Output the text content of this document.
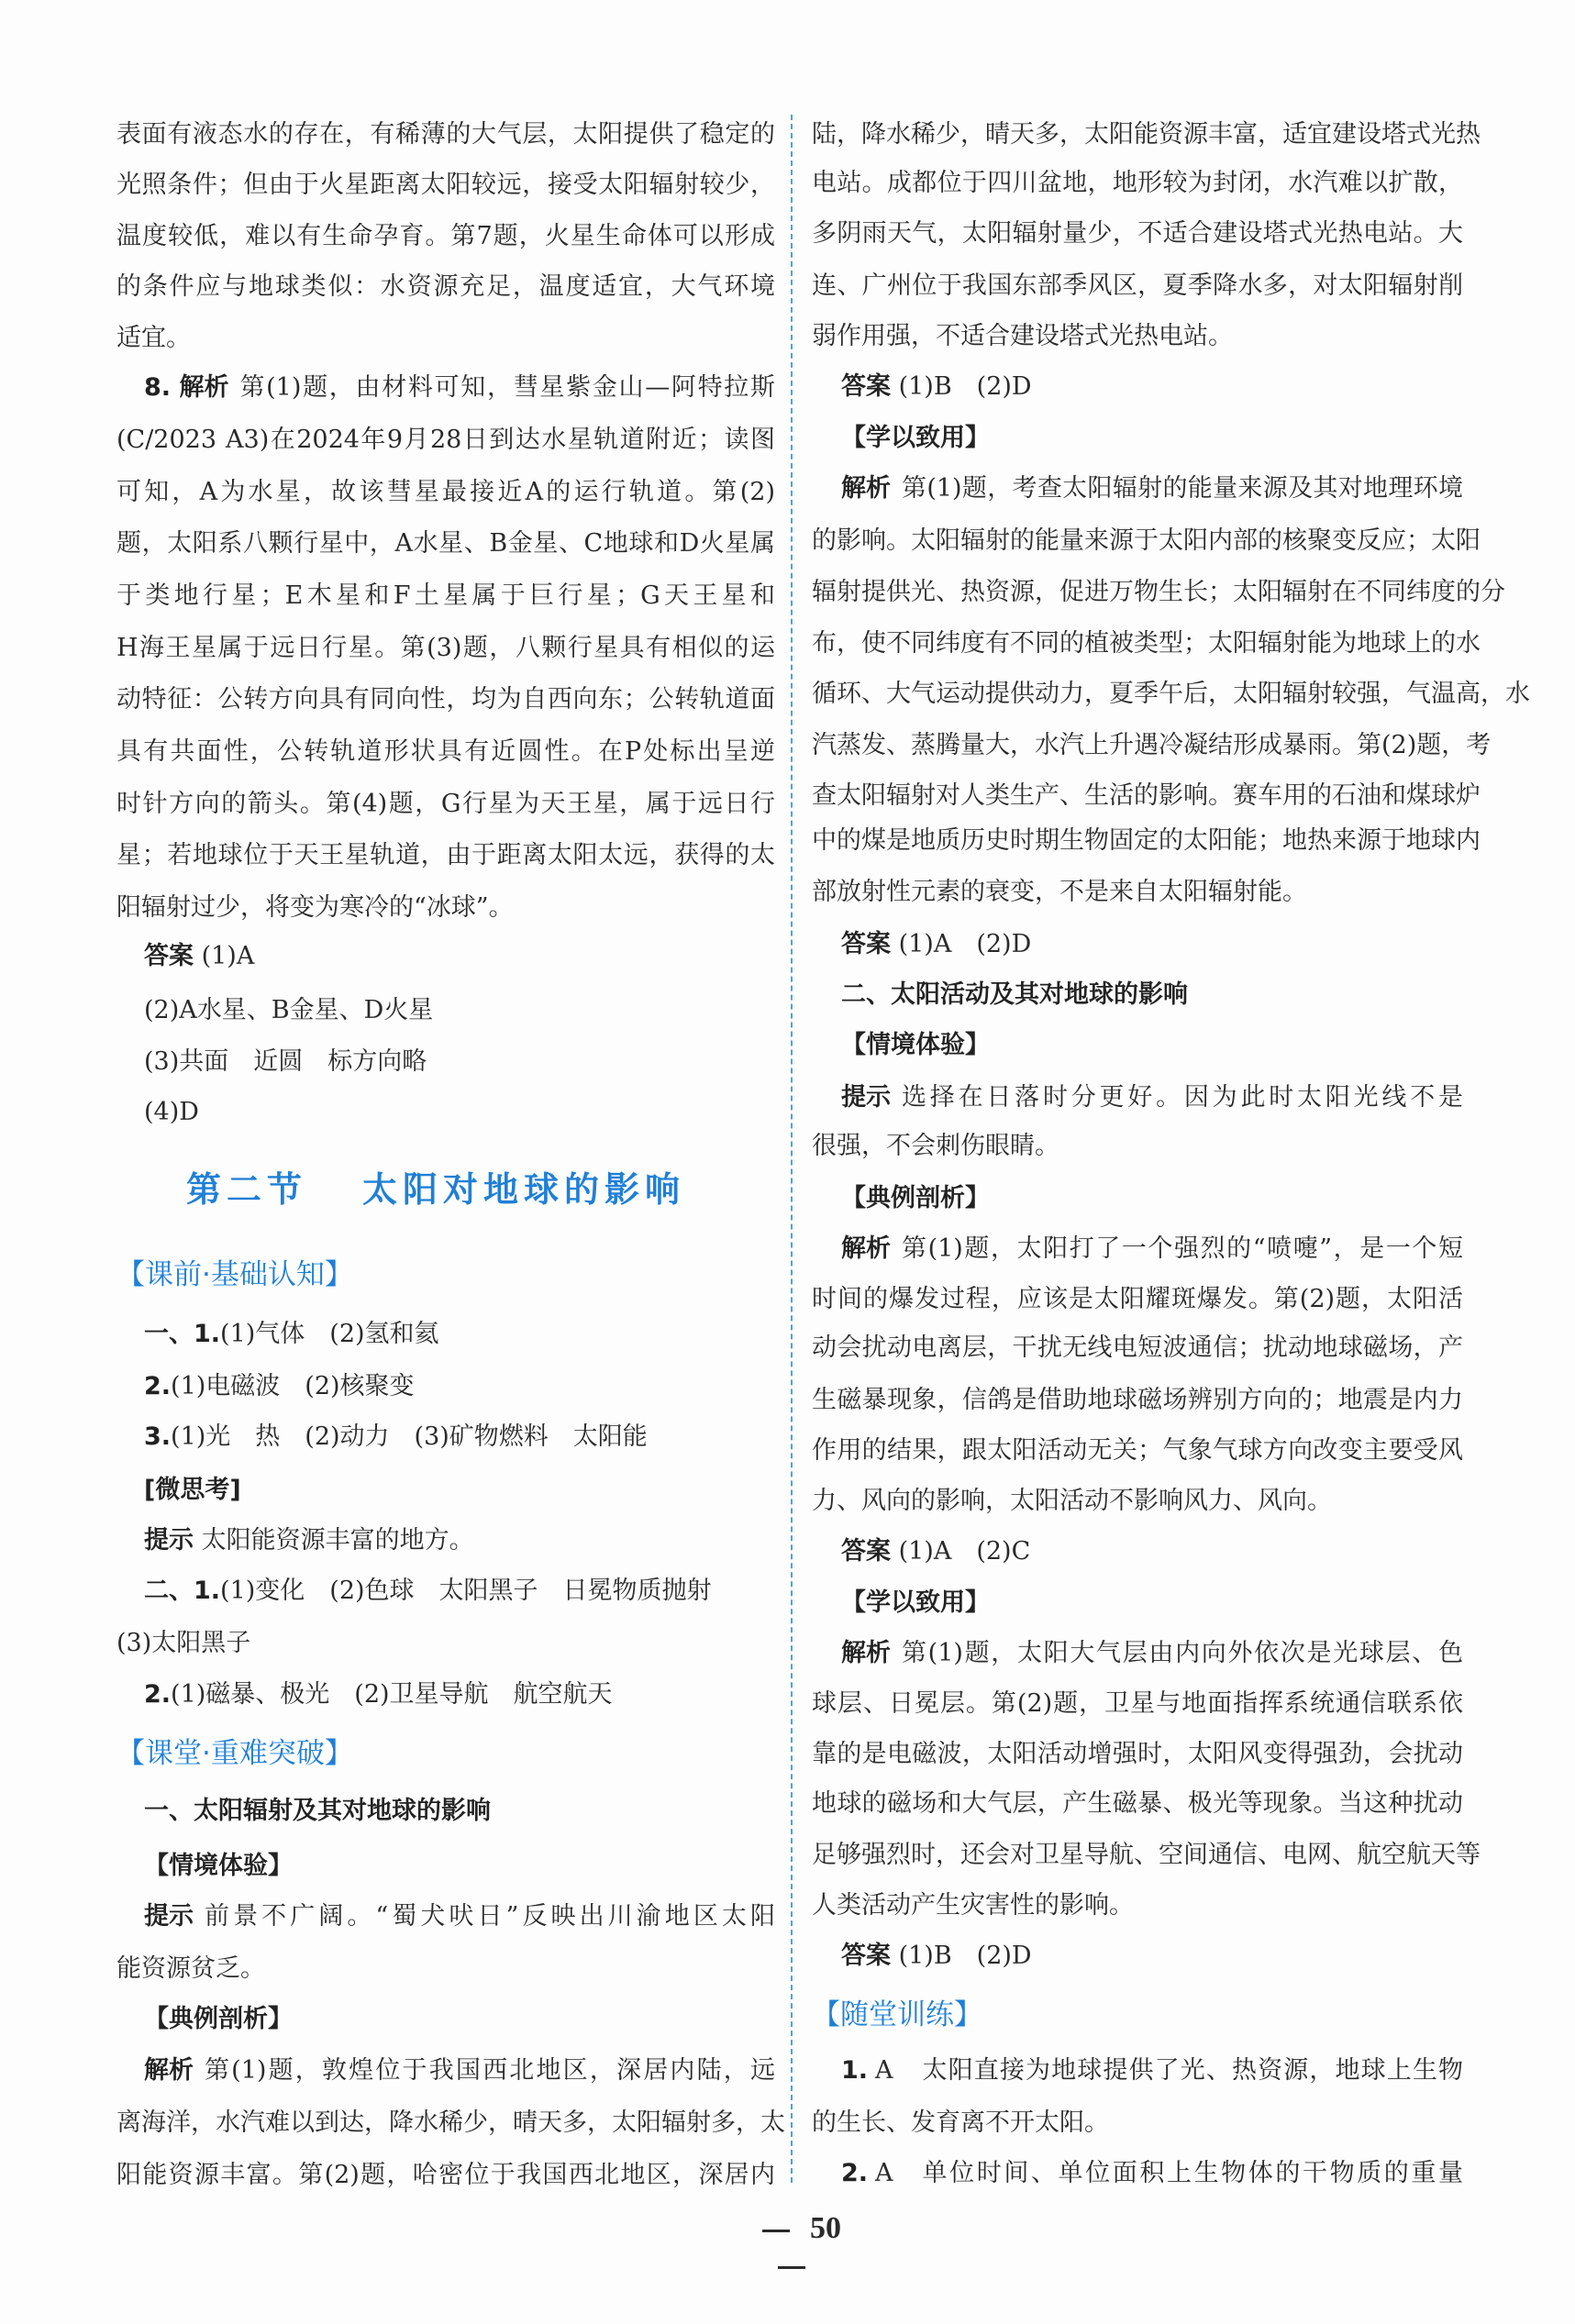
表面有液态水的存在，有稀薄的大气层，太阳提供了稳定的
光照条件；但由于火星距离太阳较远，接受太阳辐射较少，
温度较低，难以有生命孕育。第7题，火星生命体可以形成
的条件应与地球类似：水资源充足，温度适宜，大气环境
适宜。
8. 解析 第(1)题，由材料可知，彗星紫金山—阿特拉斯
(C/2023 A3)在2024年9月28日到达水星轨道附近；读图
可知，A为水星，故该彗星最接近A的运行轨道。第(2)
题，太阳系八颗行星中，A水星、B金星、C地球和D火星属
于类地行星；E木星和F土星属于巨行星；G天王星和
H海王星属于远日行星。第(3)题，八颗行星具有相似的运
动特征：公转方向具有同向性，均为自西向东；公转轨道面
具有共面性，公转轨道形状具有近圆性。在P处标出呈逆
时针方向的箭头。第(4)题，G行星为天王星，属于远日行
星；若地球位于天王星轨道，由于距离太阳太远，获得的太
阳辐射过少，将变为寒冷的“冰球”。
答案 (1)A
(2)A水星、B金星、D火星
(3)共面　近圆　标方向略
(4)D
第二节 太阳对地球的影响
【课前·基础认知】
一、1.(1)气体　(2)氢和氦
2.(1)电磁波　(2)核聚变
3.(1)光　热　(2)动力　(3)矿物燃料　太阳能
[微思考]
提示 太阳能资源丰富的地方。
二、1.(1)变化　(2)色球　太阳黑子　日冕物质抛射
(3)太阳黑子
2.(1)磁暴、极光　(2)卫星导航　航空航天
【课堂·重难突破】
一、太阳辐射及其对地球的影响
【情境体验】
提示 前景不广阔。“蜀犬吠日”反映出川渝地区太阳
能资源贫乏。
【典例剖析】
解析 第(1)题，敦煌位于我国西北地区，深居内陆，远
离海洋，水汽难以到达，降水稀少，晴天多，太阳辐射多，太
阳能资源丰富。第(2)题，哈密位于我国西北地区，深居内
陆，降水稀少，晴天多，太阳能资源丰富，适宜建设塔式光热
电站。成都位于四川盆地，地形较为封闭，水汽难以扩散，
多阴雨天气，太阳辐射量少，不适合建设塔式光热电站。大
连、广州位于我国东部季风区，夏季降水多，对太阳辐射削
弱作用强，不适合建设塔式光热电站。
答案 (1)B　(2)D
【学以致用】
解析 第(1)题，考查太阳辐射的能量来源及其对地理环境
的影响。太阳辐射的能量来源于太阳内部的核聚变反应；太阳
辐射提供光、热资源，促进万物生长；太阳辐射在不同纬度的分
布，使不同纬度有不同的植被类型；太阳辐射能为地球上的水
循环、大气运动提供动力，夏季午后，太阳辐射较强，气温高，水
汽蒸发、蒸腾量大，水汽上升遇冷凝结形成暴雨。第(2)题，考
查太阳辐射对人类生产、生活的影响。赛车用的石油和煤球炉
中的煤是地质历史时期生物固定的太阳能；地热来源于地球内
部放射性元素的衰变，不是来自太阳辐射能。
答案 (1)A　(2)D
二、太阳活动及其对地球的影响
【情境体验】
提示 选择在日落时分更好。因为此时太阳光线不是
很强，不会刺伤眼睛。
【典例剖析】
解析 第(1)题，太阳打了一个强烈的“喷嚏”，是一个短
时间的爆发过程，应该是太阳耀斑爆发。第(2)题，太阳活
动会扰动电离层，干扰无线电短波通信；扰动地球磁场，产
生磁暴现象，信鸽是借助地球磁场辨别方向的；地震是内力
作用的结果，跟太阳活动无关；气象气球方向改变主要受风
力、风向的影响，太阳活动不影响风力、风向。
答案 (1)A　(2)C
【学以致用】
解析 第(1)题，太阳大气层由内向外依次是光球层、色
球层、日冕层。第(2)题，卫星与地面指挥系统通信联系依
靠的是电磁波，太阳活动增强时，太阳风变得强劲，会扰动
地球的磁场和大气层，产生磁暴、极光等现象。当这种扰动
足够强烈时，还会对卫星导航、空间通信、电网、航空航天等
人类活动产生灾害性的影响。
答案 (1)B　(2)D
【随堂训练】
1. A 太阳直接为地球提供了光、热资源，地球上生物
的生长、发育离不开太阳。
2. A 单位时间、单位面积上生物体的干物质的重量
50
